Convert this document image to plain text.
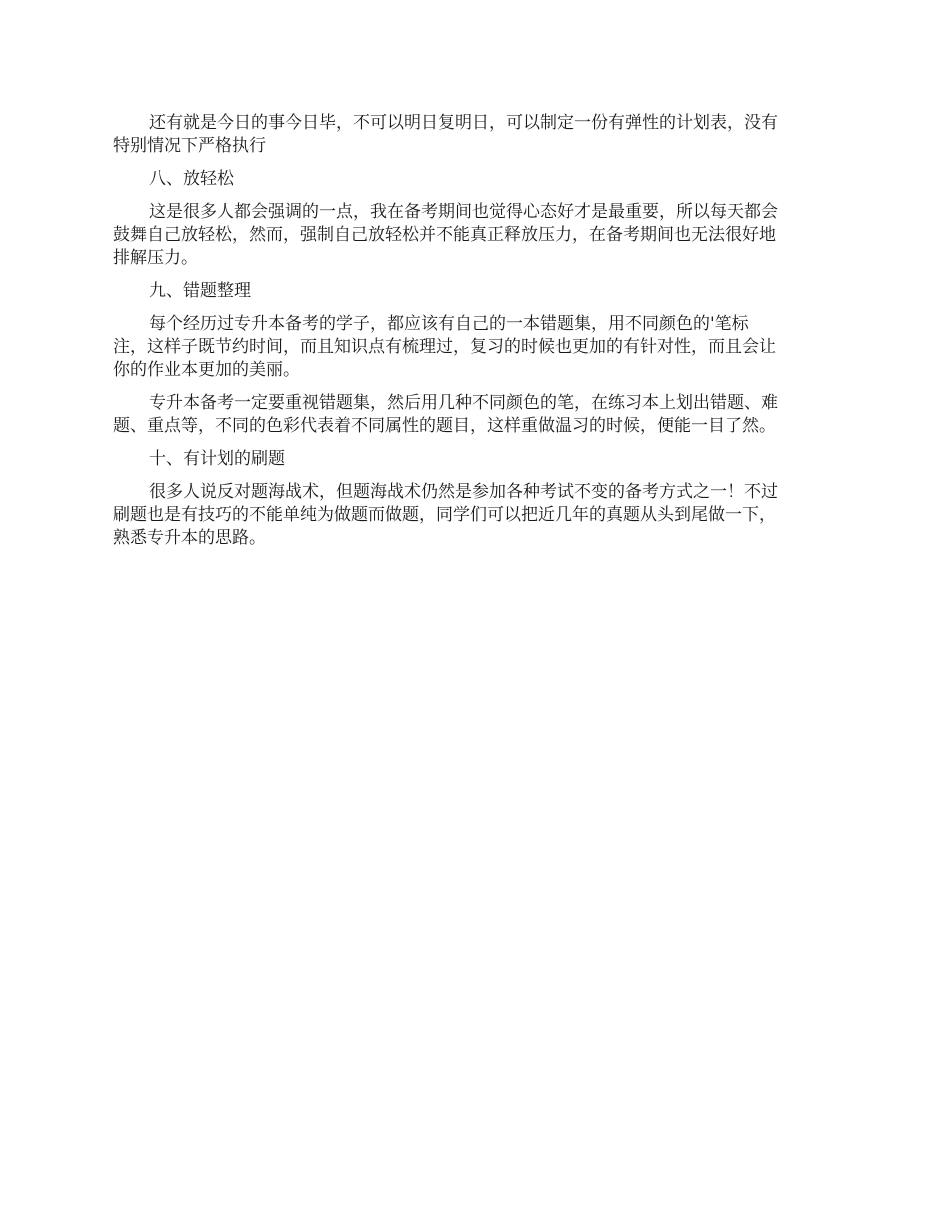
还有就是今日的事今日毕，不可以明日复明日，可以制定一份有弹性的计划表，没有
特别情况下严格执行

八、放轻松

这是很多人都会强调的一点，我在备考期间也觉得心态好才是最重要，所以每天都会
鼓舞自己放轻松，然而，强制自己放轻松并不能真正释放压力，在备考期间也无法很好地
排解压力。

九、错题整理

每个经历过专升本备考的学子，都应该有自己的一本错题集，用不同颜色的'笔标
注，这样子既节约时间，而且知识点有梳理过，复习的时候也更加的有针对性，而且会让
你的作业本更加的美丽。

专升本备考一定要重视错题集，然后用几种不同颜色的笔，在练习本上划出错题、难
题、重点等，不同的色彩代表着不同属性的题目，这样重做温习的时候，便能一目了然。

十、有计划的刷题

很多人说反对题海战术，但题海战术仍然是参加各种考试不变的备考方式之一！不过
刷题也是有技巧的不能单纯为做题而做题，同学们可以把近几年的真题从头到尾做一下，
熟悉专升本的思路。
